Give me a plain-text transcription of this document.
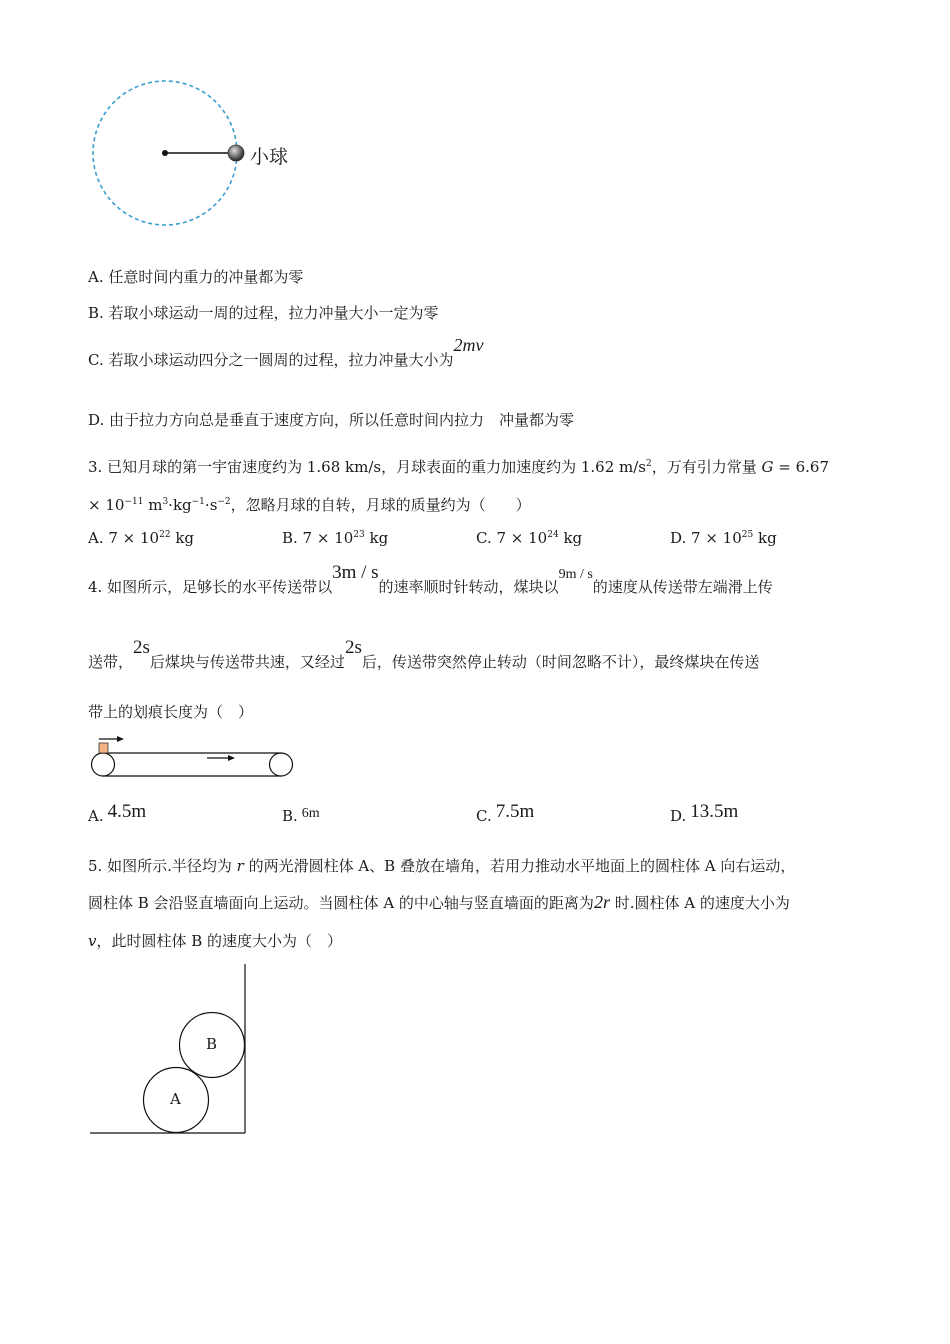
小球
A. 任意时间内重力的冲量都为零
B. 若取小球运动一周的过程，拉力冲量大小一定为零
C. 若取小球运动四分之一圆周的过程，拉力冲量大小为2mv
D. 由于拉力方向总是垂直于速度方向，所以任意时间内拉力　冲量都为零
3. 已知月球的第一宇宙速度约为 1.68 km/s，月球表面的重力加速度约为 1.62 $m/s^2$，万有引力常量 G = 6.67
× $10^{-11}$ $m^3\cdot kg^{-1}\cdot s^{-2}$，忽略月球的自转，月球的质量约为（　　）
A. $7 \times 10^{22}$ kg	B. $7 \times 10^{23}$ kg	C. $7 \times 10^{24}$ kg	D. $7 \times 10^{25}$ kg
4. 如图所示，足够长的水平传送带以3m / s的速率顺时针转动，煤块以9m / s的速度从传送带左端滑上传
送带，2s后煤块与传送带共速，又经过2s后，传送带突然停止转动（时间忽略不计），最终煤块在传送
带上的划痕长度为（　）
A. 4.5m	B. 6m	C. 7.5m	D. 13.5m
5. 如图所示.半径均为 r 的两光滑圆柱体 A、B 叠放在墙角，若用力推动水平地面上的圆柱体 A 向右运动，
圆柱体 B 会沿竖直墙面向上运动。当圆柱体 A 的中心轴与竖直墙面的距离为2r 时.圆柱体 A 的速度大小为
v，此时圆柱体 B 的速度大小为（　）
A
B
